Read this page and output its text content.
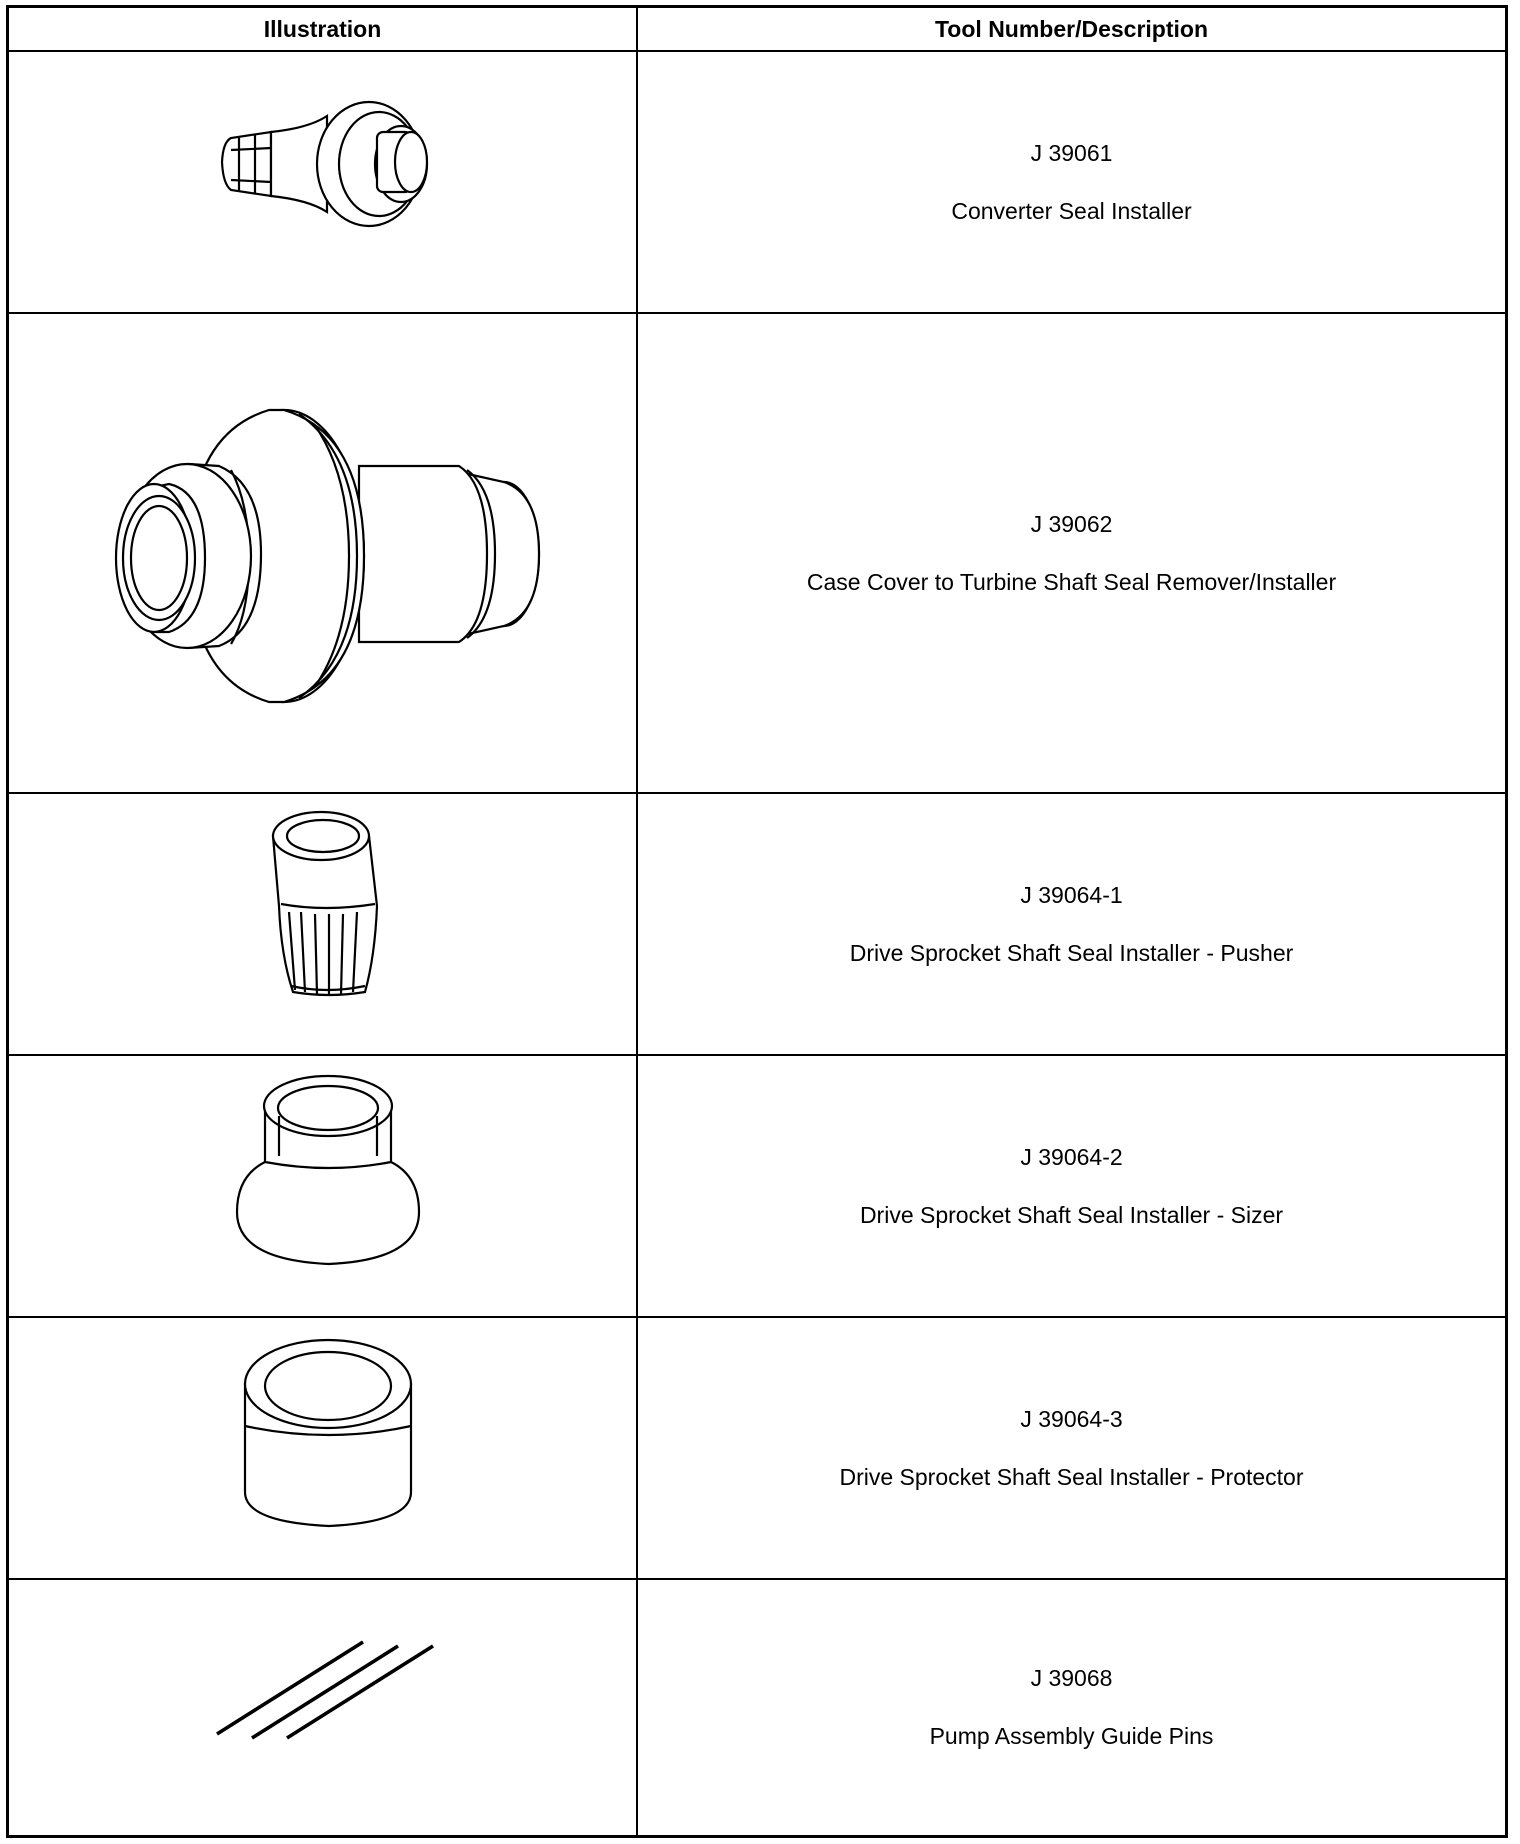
Illustration	Tool Number/Description
J 39061
Converter Seal Installer
J 39062
Case Cover to Turbine Shaft Seal Remover/Installer
J 39064-1
Drive Sprocket Shaft Seal Installer - Pusher
J 39064-2
Drive Sprocket Shaft Seal Installer - Sizer
J 39064-3
Drive Sprocket Shaft Seal Installer - Protector
J 39068
Pump Assembly Guide Pins
